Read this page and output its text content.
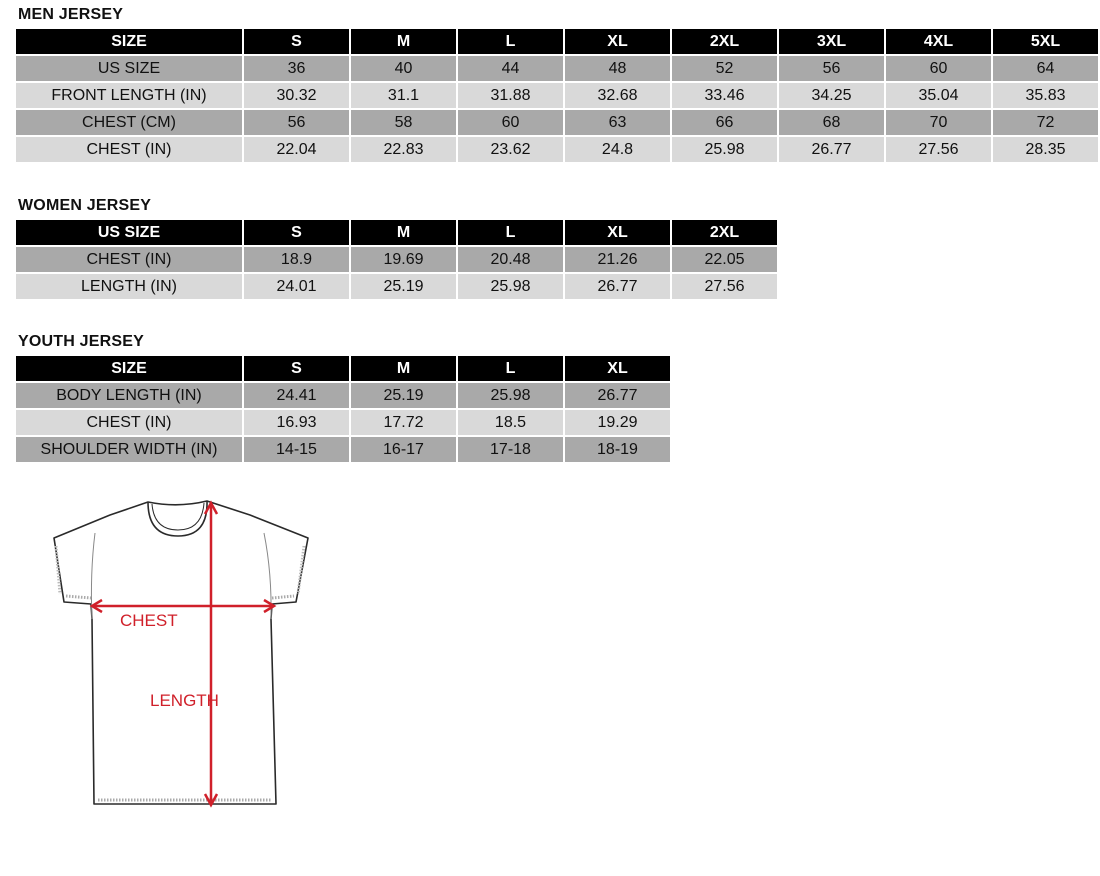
MEN JERSEY
SIZE	S	M	L	XL	2XL	3XL	4XL	5XL
US SIZE	36	40	44	48	52	56	60	64
FRONT LENGTH (IN)	30.32	31.1	31.88	32.68	33.46	34.25	35.04	35.83
CHEST (CM)	56	58	60	63	66	68	70	72
CHEST (IN)	22.04	22.83	23.62	24.8	25.98	26.77	27.56	28.35
WOMEN JERSEY
US SIZE	S	M	L	XL	2XL
CHEST (IN)	18.9	19.69	20.48	21.26	22.05
LENGTH (IN)	24.01	25.19	25.98	26.77	27.56
YOUTH JERSEY
SIZE	S	M	L	XL
BODY LENGTH (IN)	24.41	25.19	25.98	26.77
CHEST (IN)	16.93	17.72	18.5	19.29
SHOULDER WIDTH (IN)	14-15	16-17	17-18	18-19
CHEST
LENGTH
